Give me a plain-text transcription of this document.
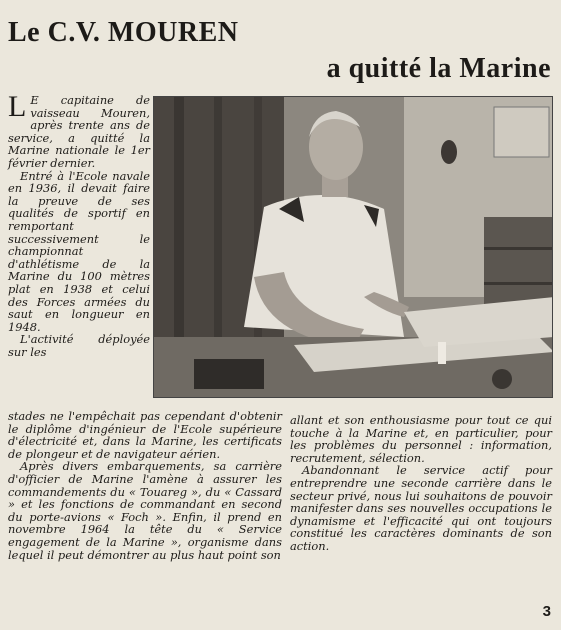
Le C.V. MOUREN
a quitté la Marine

L E capitaine de vaisseau Mouren, après trente ans de service, a quitté la Marine nationale le 1er février dernier.

Entré à l'Ecole navale en 1936, il devait faire la preuve de ses qualités de sportif en remportant successivement le championnat d'athlétisme de la Marine du 100 mètres plat en 1938 et celui des Forces armées du saut en longueur en 1948.

L'activité déployée sur les

stades ne l'empêchait pas cependant d'obtenir le diplôme d'ingénieur de l'Ecole supérieure d'électricité et, dans la Marine, les certificats de plongeur et de navigateur aérien.

Après divers embarquements, sa carrière d'officier de Marine l'amène à assurer les commandements du « Touareg », du « Cassard » et les fonctions de commandant en second du porte-avions « Foch ». Enfin, il prend en novembre 1964 la tête du « Service engagement de la Marine », organisme dans lequel il peut démontrer au plus haut point son

allant et son enthousiasme pour tout ce qui touche à la Marine et, en particulier, pour les problèmes du personnel : information, recrutement, sélection.

Abandonnant le service actif pour entreprendre une seconde carrière dans le secteur privé, nous lui souhaitons de pouvoir manifester dans ses nouvelles occupations le dynamisme et l'efficacité qui ont toujours constitué les caractères dominants de son action.

3
